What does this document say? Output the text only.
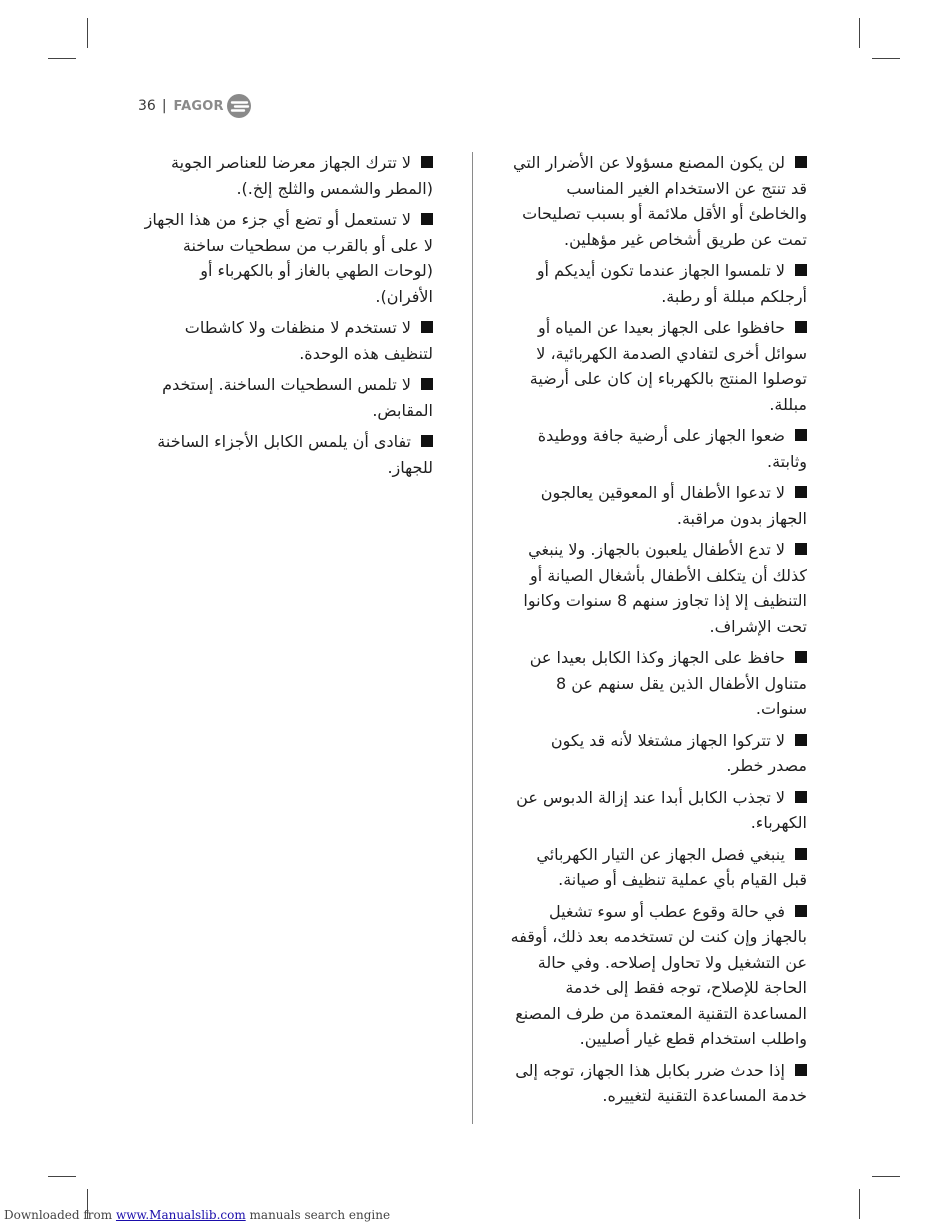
36 | FAGOR

لن يكون المصنع مسؤولا عن الأضرار التي قد تنتج عن الاستخدام الغير المناسب والخاطئ أو الأقل ملائمة أو بسبب تصليحات تمت عن طريق أشخاص غير مؤهلين.

لا تلمسوا الجهاز عندما تكون أيديكم أو أرجلكم مبللة أو رطبة.

حافظوا على الجهاز بعيدا عن المياه أو سوائل أخرى لتفادي الصدمة الكهربائية، لا توصلوا المنتج بالكهرباء إن كان على أرضية مبللة.

ضعوا الجهاز على أرضية جافة ووطيدة وثابتة.

لا تدعوا الأطفال أو المعوقين يعالجون الجهاز بدون مراقبة.

لا تدع الأطفال يلعبون بالجهاز. ولا ينبغي كذلك أن يتكلف الأطفال بأشغال الصيانة أو التنظيف إلا إذا تجاوز سنهم 8 سنوات وكانوا تحت الإشراف.

حافظ على الجهاز وكذا الكابل بعيدا عن متناول الأطفال الذين يقل سنهم عن 8 سنوات.

لا تتركوا الجهاز مشتغلا لأنه قد يكون مصدر خطر.

لا تجذب الكابل أبدا عند إزالة الدبوس عن الكهرباء.

ينبغي فصل الجهاز عن التيار الكهربائي قبل القيام بأي عملية تنظيف أو صيانة.

في حالة وقوع عطب أو سوء تشغيل بالجهاز وإن كنت لن تستخدمه بعد ذلك، أوقفه عن التشغيل ولا تحاول إصلاحه. وفي حالة الحاجة للإصلاح، توجه فقط إلى خدمة المساعدة التقنية المعتمدة من طرف المصنع واطلب استخدام قطع غيار أصليين.

إذا حدث ضرر بكابل هذا الجهاز، توجه إلى خدمة المساعدة التقنية لتغييره.

لا تترك الجهاز معرضا للعناصر الجوية (المطر والشمس والثلج إلخ.).

لا تستعمل أو تضع أي جزء من هذا الجهاز لا على أو بالقرب من سطحيات ساخنة (لوحات الطهي بالغاز أو بالكهرباء أو الأفران).

لا تستخدم لا منظفات ولا كاشطات لتنظيف هذه الوحدة.

لا تلمس السطحيات الساخنة. إستخدم المقابض.

تفادى أن يلمس الكابل الأجزاء الساخنة للجهاز.

Downloaded from www.Manualslib.com manuals search engine
